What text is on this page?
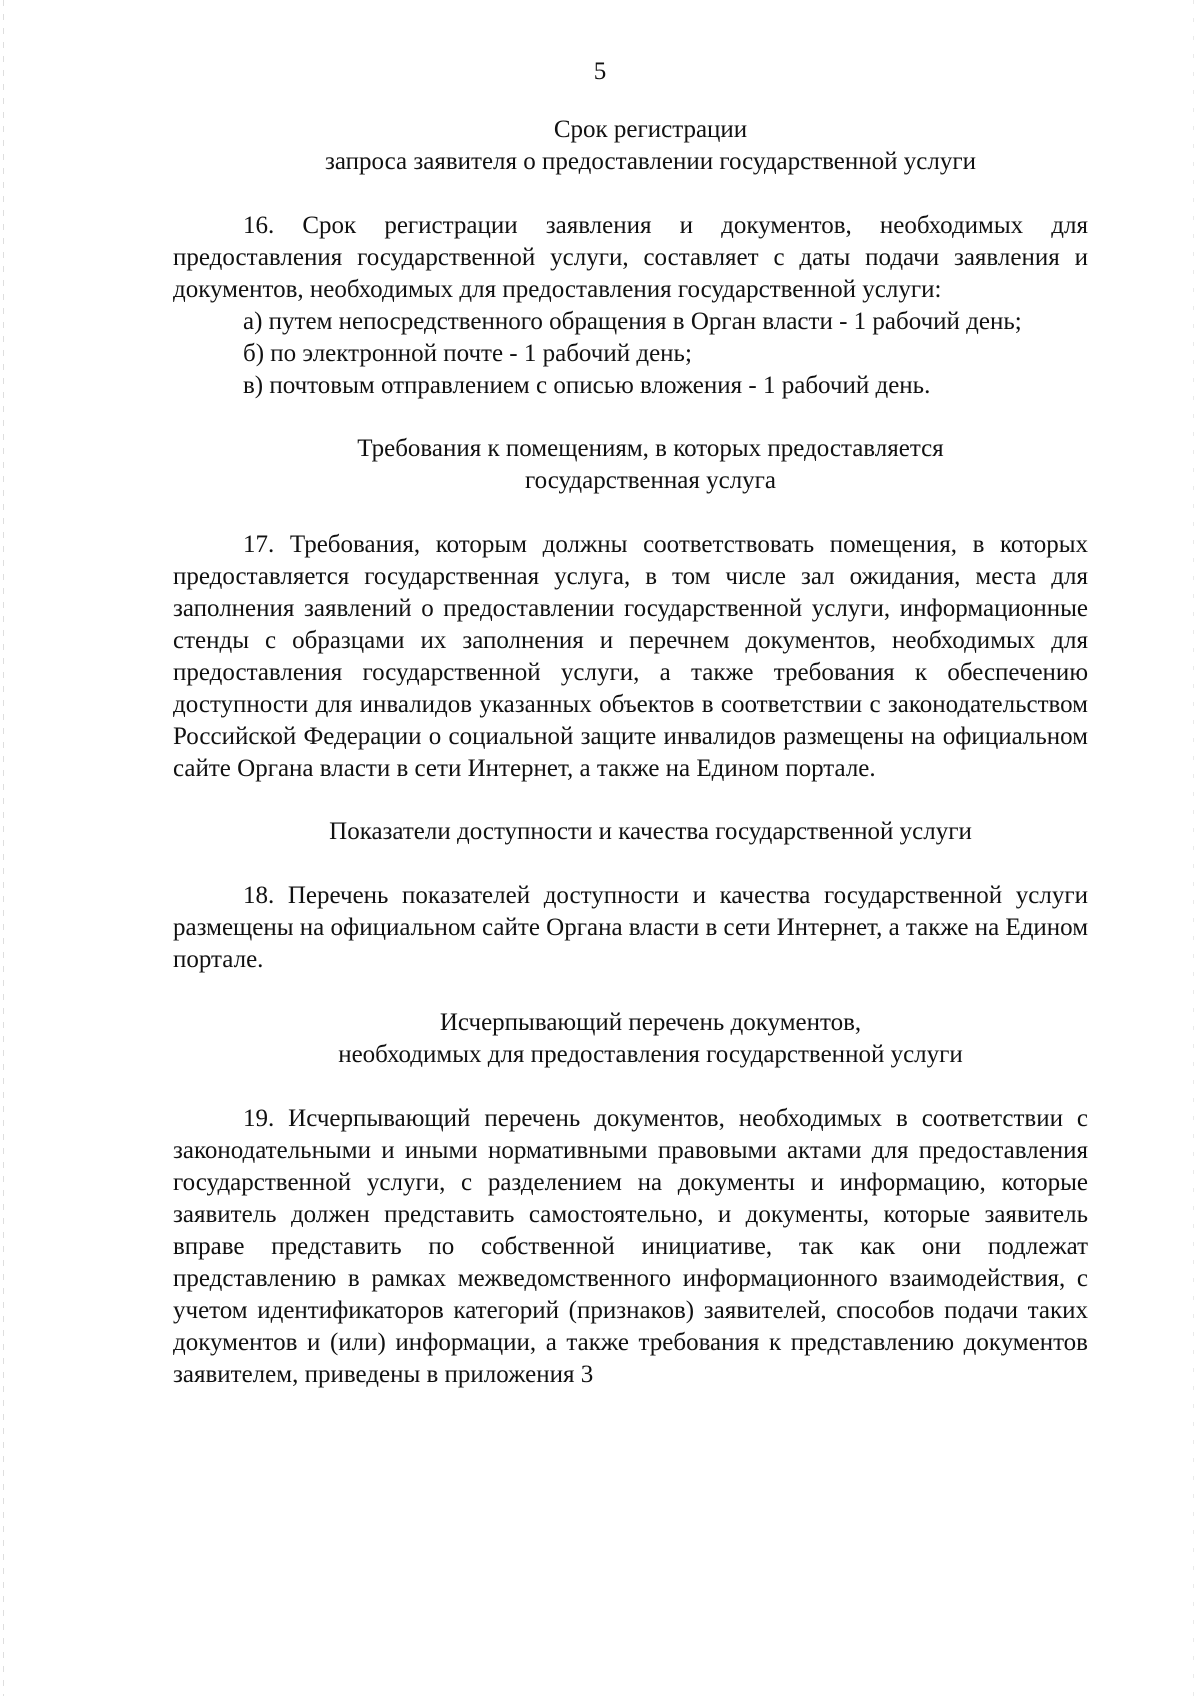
5
Срок регистрации
запроса заявителя о предоставлении государственной услуги

16. Срок регистрации заявления и документов, необходимых для предоставления государственной услуги, составляет с даты подачи заявления и документов, необходимых для предоставления государственной услуги:

а) путем непосредственного обращения в Орган власти - 1 рабочий день;

б) по электронной почте - 1 рабочий день;

в) почтовым отправлением с описью вложения - 1 рабочий день.

Требования к помещениям, в которых предоставляется
государственная услуга

17. Требования, которым должны соответствовать помещения, в которых предоставляется государственная услуга, в том числе зал ожидания, места для заполнения заявлений о предоставлении государственной услуги, информационные стенды с образцами их заполнения и перечнем документов, необходимых для предоставления государственной услуги, а также требования к обеспечению доступности для инвалидов указанных объектов в соответствии с законодательством Российской Федерации о социальной защите инвалидов размещены на официальном сайте Органа власти в сети Интернет, а также на Едином портале.

Показатели доступности и качества государственной услуги

18. Перечень показателей доступности и качества государственной услуги размещены на официальном сайте Органа власти в сети Интернет, а также на Едином портале.

Исчерпывающий перечень документов,
необходимых для предоставления государственной услуги

19. Исчерпывающий перечень документов, необходимых в соответствии с законодательными и иными нормативными правовыми актами для предоставления государственной услуги, с разделением на документы и информацию, которые заявитель должен представить самостоятельно, и документы, которые заявитель вправе представить по собственной инициативе, так как они подлежат представлению в рамках межведомственного информационного взаимодействия, с учетом идентификаторов категорий (признаков) заявителей, способов подачи таких документов и (или) информации, а также требования к представлению документов заявителем, приведены в приложения 3
